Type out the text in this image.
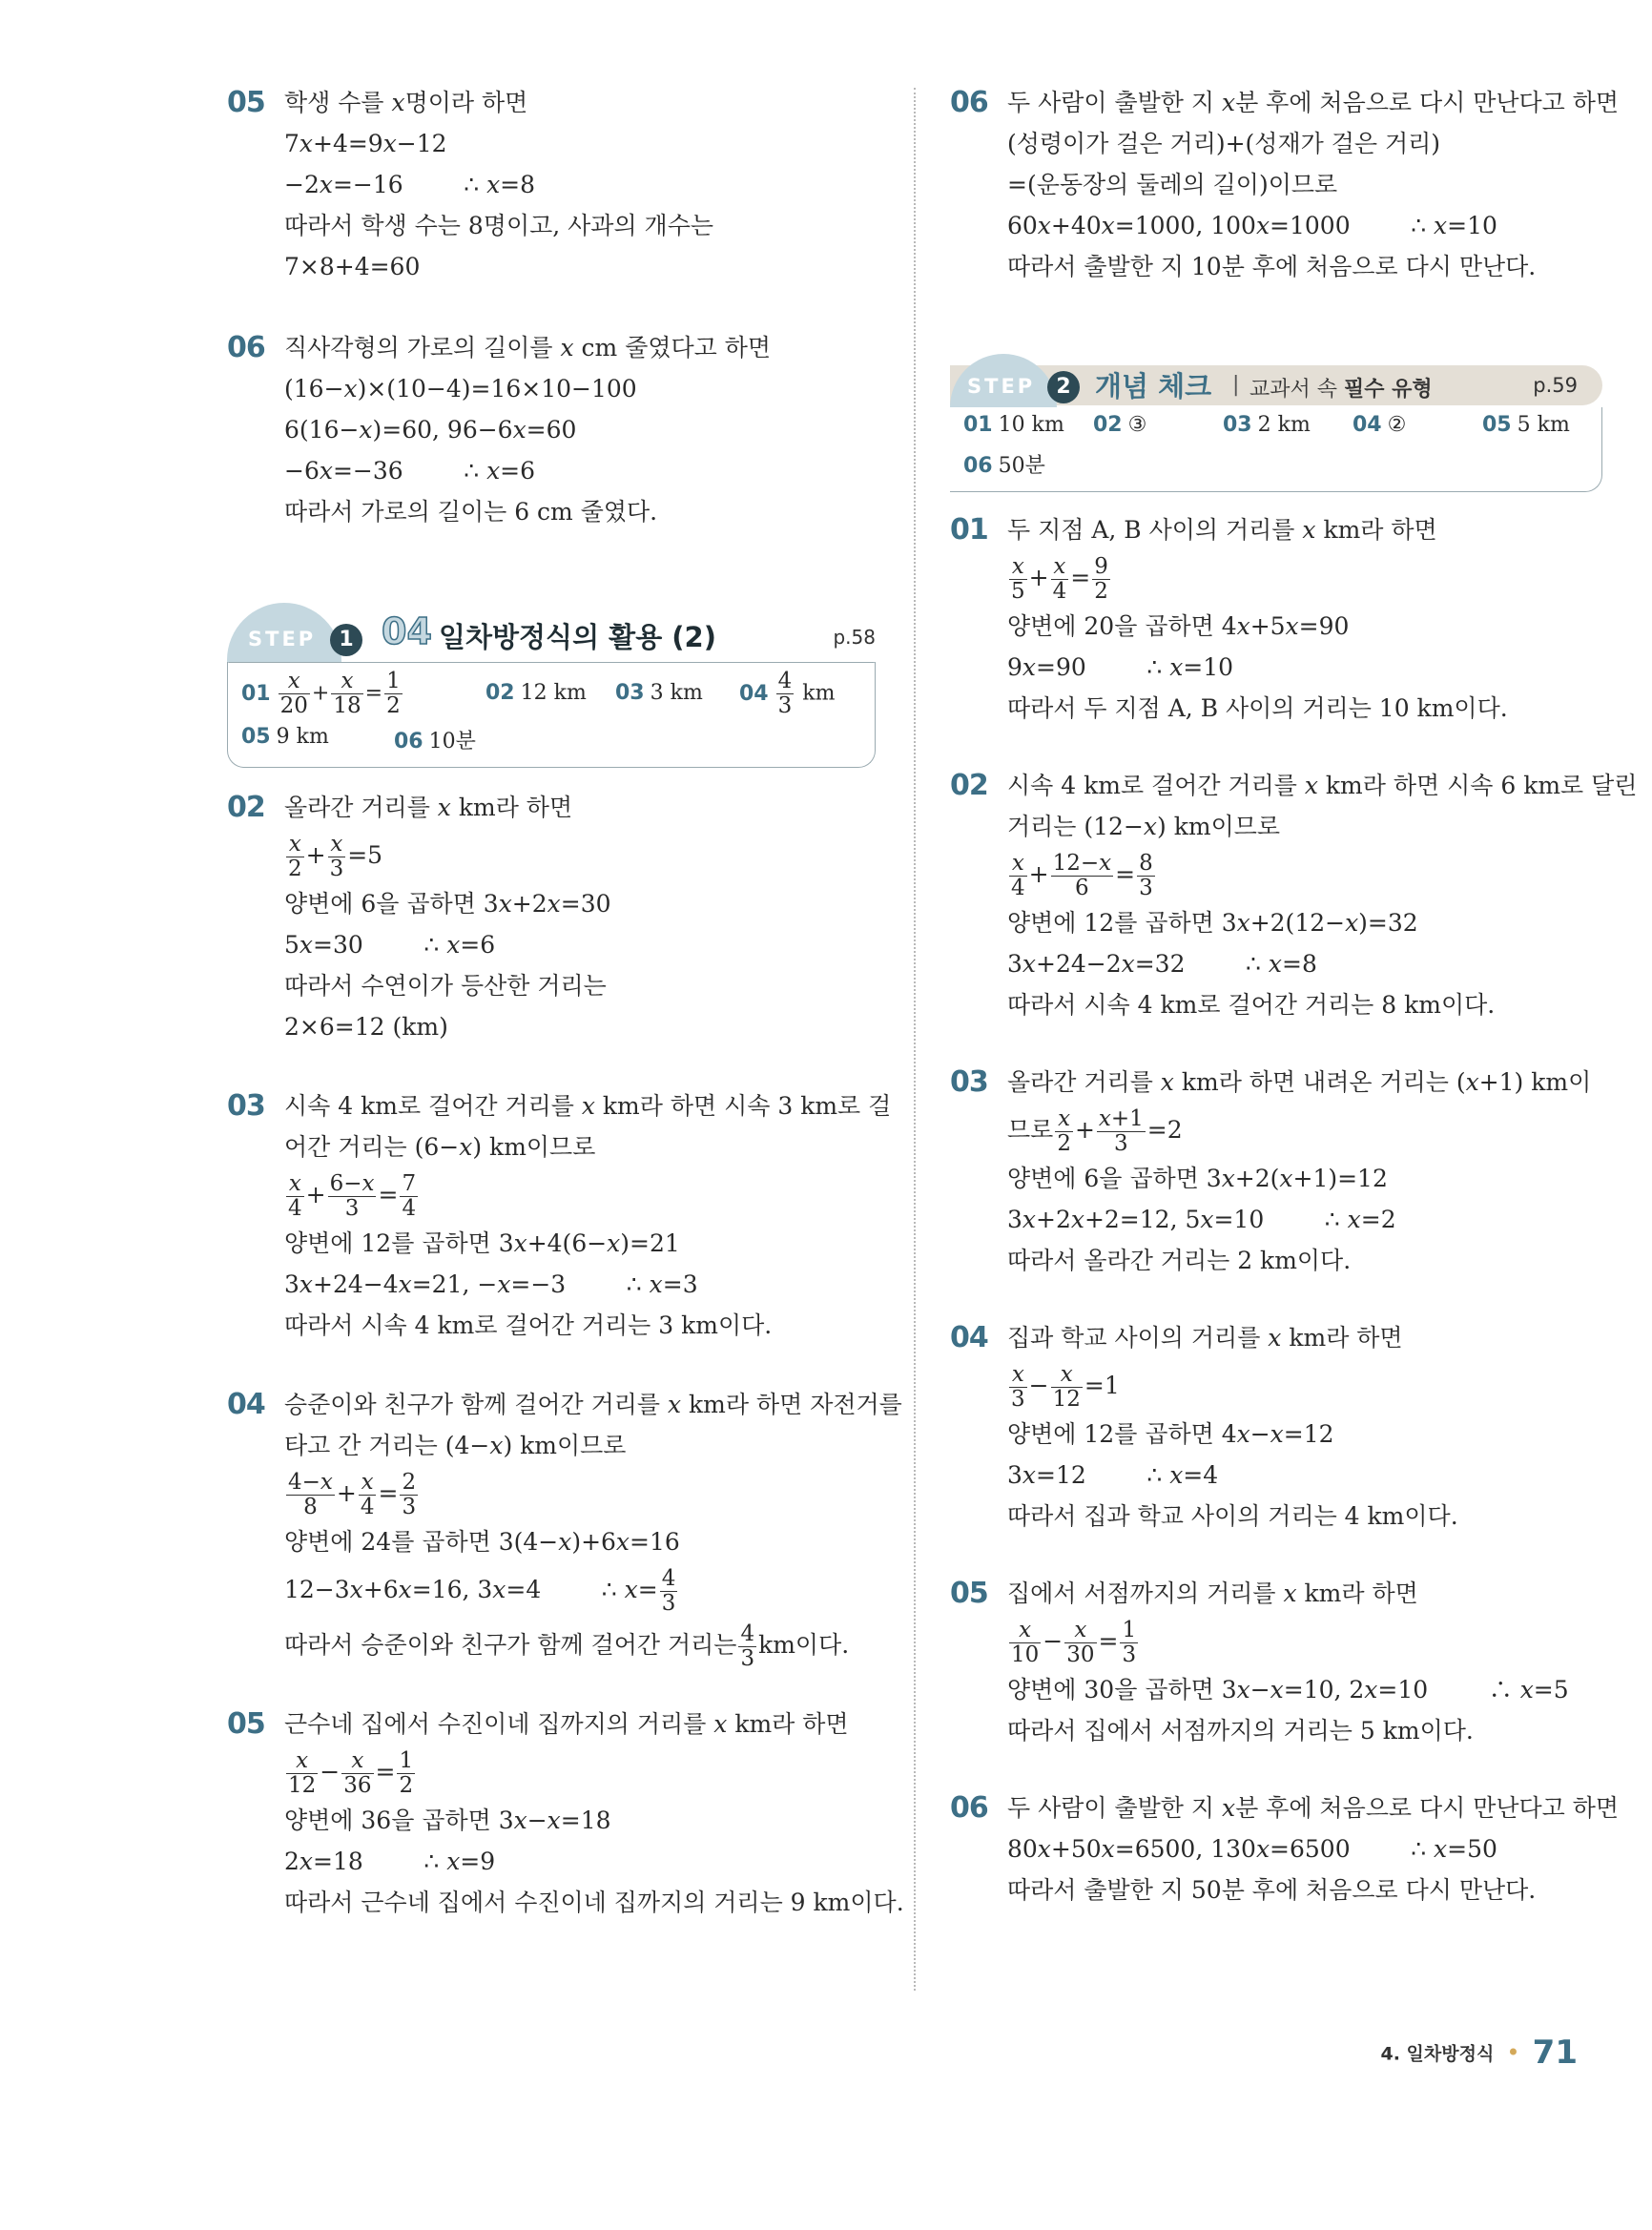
05 학생 수를 𝑥명이라 하면
7𝑥+4=9𝑥−12
−2𝑥=−16        ∴ 𝑥=8
따라서 학생 수는 8명이고, 사과의 개수는
7×8+4=60
06 직사각형의 가로의 길이를 𝑥 cm 줄였다고 하면
(16−𝑥)×(10−4)=16×10−100
6(16−𝑥)=60, 96−6𝑥=60
−6𝑥=−36        ∴ 𝑥=6
따라서 가로의 길이는 6 cm 줄였다.
STEP	1 04 일차방정식의 활용 (2)	p.58
$01 \frac{\text{𝑥}}{20} + \frac{\text{𝑥}}{18} = \frac{1}{2}$	02 12 km 03 3 km $04 \frac{4}{3}$ km
05 9 km	06 10분
02 올라간 거리를 𝑥 km라 하면
$\frac{\text{𝑥}}{2} + \frac{\text{𝑥}}{3} =5$
양변에 6을 곱하면 3𝑥+2𝑥=30
5𝑥=30        ∴ 𝑥=6
따라서 수연이가 등산한 거리는
2×6=12 (km)
03 시속 4 km로 걸어간 거리를 𝑥 km라 하면 시속 3 km로 걸
어간 거리는 (6−𝑥) km이므로
$\frac{\text{𝑥}}{4} + \frac{\text{6−𝑥}}{3} = \frac{7}{4}$
양변에 12를 곱하면 3𝑥+4(6−𝑥)=21
3𝑥+24−4𝑥=21, −𝑥=−3        ∴ 𝑥=3
따라서 시속 4 km로 걸어간 거리는 3 km이다.
04 승준이와 친구가 함께 걸어간 거리를 𝑥 km라 하면 자전거를
타고 간 거리는 (4−𝑥) km이므로
$\frac{\text{4−𝑥}}{8} + \frac{\text{𝑥}}{4} = \frac{2}{3}$
양변에 24를 곱하면 3(4−𝑥)+6𝑥=16
12−3𝑥+6𝑥=16, 3𝑥=4        ∴ 𝑥= $\frac{4}{3}$
따라서 승준이와 친구가 함께 걸어간 거리는 $\frac{4}{3}$ km이다.
05 근수네 집에서 수진이네 집까지의 거리를 𝑥 km라 하면
$\frac{\text{𝑥}}{12} - \frac{\text{𝑥}}{36} = \frac{1}{2}$
양변에 36을 곱하면 3𝑥−𝑥=18
2𝑥=18        ∴ 𝑥=9
따라서 근수네 집에서 수진이네 집까지의 거리는 9 km이다.
06 두 사람이 출발한 지 𝑥분 후에 처음으로 다시 만난다고 하면
(성령이가 걸은 거리)+(성재가 걸은 거리)
=(운동장의 둘레의 길이)이므로
60𝑥+40𝑥=1000, 100𝑥=1000        ∴ 𝑥=10
따라서 출발한 지 10분 후에 처음으로 다시 만난다.
STEP	2 개념 체크 | 교과서 속 필수 유형	p.59
01 10 km 02 ③	03 2 km 04 ②	05 5 km
06 50분
01 두 지점 A, B 사이의 거리를 𝑥 km라 하면
$\frac{\text{𝑥}}{5} + \frac{\text{𝑥}}{4} = \frac{9}{2}$
양변에 20을 곱하면 4𝑥+5𝑥=90
9𝑥=90        ∴ 𝑥=10
따라서 두 지점 A, B 사이의 거리는 10 km이다.
02 시속 4 km로 걸어간 거리를 𝑥 km라 하면 시속 6 km로 달린
거리는 (12−𝑥) km이므로
$\frac{\text{𝑥}}{4} + \frac{\text{12−𝑥}}{6} = \frac{8}{3}$
양변에 12를 곱하면 3𝑥+2(12−𝑥)=32
3𝑥+24−2𝑥=32        ∴ 𝑥=8
따라서 시속 4 km로 걸어간 거리는 8 km이다.
03 올라간 거리를 𝑥 km라 하면 내려온 거리는 (𝑥+1) km이
므로 $\frac{\text{𝑥}}{2} + \frac{\text{𝑥+1}}{3} =2$
양변에 6을 곱하면 3𝑥+2(𝑥+1)=12
3𝑥+2𝑥+2=12, 5𝑥=10        ∴ 𝑥=2
따라서 올라간 거리는 2 km이다.
04 집과 학교 사이의 거리를 𝑥 km라 하면
$\frac{\text{𝑥}}{3} - \frac{\text{𝑥}}{12} =1$
양변에 12를 곱하면 4𝑥−𝑥=12
3𝑥=12        ∴ 𝑥=4
따라서 집과 학교 사이의 거리는 4 km이다.
05 집에서 서점까지의 거리를 𝑥 km라 하면
$\frac{\text{𝑥}}{10} - \frac{\text{𝑥}}{30} = \frac{1}{3}$
양변에 30을 곱하면 3𝑥−𝑥=10, 2𝑥=10        ∴ 𝑥=5
따라서 집에서 서점까지의 거리는 5 km이다.
06 두 사람이 출발한 지 𝑥분 후에 처음으로 다시 만난다고 하면
80𝑥+50𝑥=6500, 130𝑥=6500        ∴ 𝑥=50
따라서 출발한 지 50분 후에 처음으로 다시 만난다.
4. 일차방정식 • 71
